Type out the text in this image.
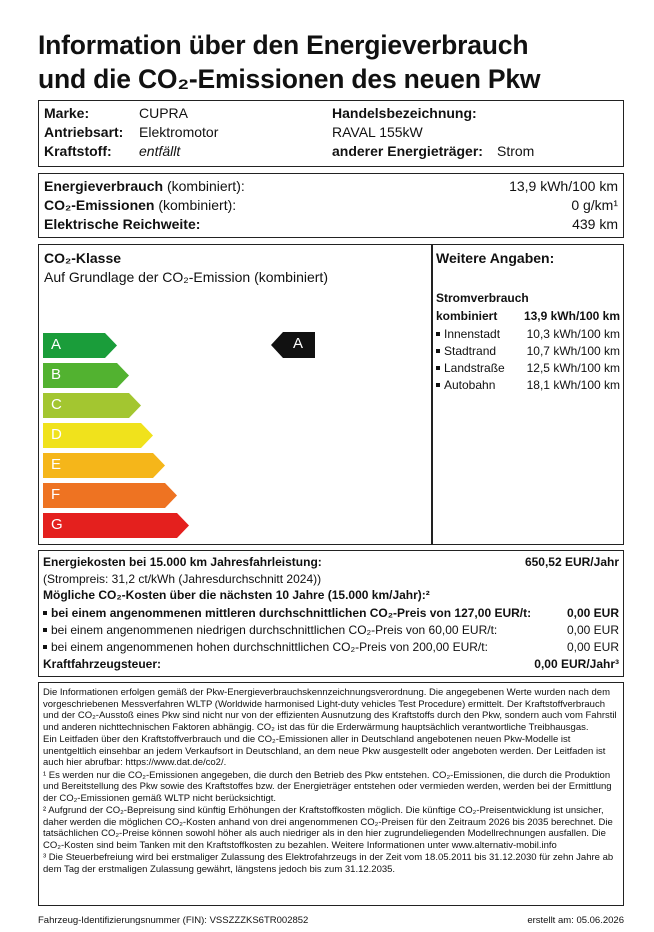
Information über den Energieverbrauch
und die CO₂-Emissionen des neuen Pkw
Marke:	CUPRA
Antriebsart: Elektromotor
Kraftstoff: entfällt
Handelsbezeichnung:
RAVAL 155kW
anderer Energieträger: Strom
Energieverbrauch (kombiniert):	13,9 kWh/100 km
CO₂-Emissionen (kombiniert):	0 g/km¹
Elektrische Reichweite:	439 km
CO₂-Klasse
Auf Grundlage der CO₂-Emission (kombiniert)
A
B
C
D
E
F
G
A
Weitere Angaben:
Stromverbrauch
kombiniert 13,9 kWh/100 km
Innenstadt 10,3 kWh/100 km
Stadtrand	10,7 kWh/100 km
Landstraße 12,5 kWh/100 km
Autobahn	18,1 kWh/100 km
Energiekosten bei 15.000 km Jahresfahrleistung:	650,52 EUR/Jahr
(Strompreis: 31,2 ct/kWh (Jahresdurchschnitt 2024))
Mögliche CO₂-Kosten über die nächsten 10 Jahre (15.000 km/Jahr):²
bei einem angenommenen mittleren durchschnittlichen CO₂-Preis von 127,00 EUR/t:	0,00 EUR
bei einem angenommenen niedrigen durchschnittlichen CO₂-Preis von 60,00 EUR/t:	0,00 EUR
bei einem angenommenen hohen durchschnittlichen CO₂-Preis von 200,00 EUR/t:	0,00 EUR
Kraftfahrzeugsteuer:	0,00 EUR/Jahr³

Die Informationen erfolgen gemäß der Pkw-Energieverbrauchskennzeichnungsverordnung. Die angegebenen Werte wurden nach dem vorgeschriebenen Messverfahren WLTP (Worldwide harmonised Light-duty vehicles Test Procedure) ermittelt. Der Kraftstoffverbrauch und der CO₂-Ausstoß eines Pkw sind nicht nur von der effizienten Ausnutzung des Kraftstoffs durch den Pkw, sondern auch vom Fahrstil und anderen nichttechnischen Faktoren abhängig. CO₂ ist das für die Erderwärmung hauptsächlich verantwortliche Treibhausgas.

Ein Leitfaden über den Kraftstoffverbrauch und die CO₂-Emissionen aller in Deutschland angebotenen neuen Pkw-Modelle ist unentgeltlich einsehbar an jedem Verkaufsort in Deutschland, an dem neue Pkw ausgestellt oder angeboten werden. Der Leitfaden ist auch hier abrufbar: https://www.dat.de/co2/.

¹ Es werden nur die CO₂-Emissionen angegeben, die durch den Betrieb des Pkw entstehen. CO₂-Emissionen, die durch die Produktion und Bereitstellung des Pkw sowie des Kraftstoffes bzw. der Energieträger entstehen oder vermieden werden, werden bei der Ermittlung der CO₂-Emissionen gemäß WLTP nicht berücksichtigt.

² Aufgrund der CO₂-Bepreisung sind künftig Erhöhungen der Kraftstoffkosten möglich. Die künftige CO₂-Preisentwicklung ist unsicher, daher werden die möglichen CO₂-Kosten anhand von drei angenommenen CO₂-Preisen für den Zeitraum 2026 bis 2035 berechnet. Die tatsächlichen CO₂-Preise können sowohl höher als auch niedriger als in den hier zugrundeliegenden Modellrechnungen ausfallen. Die CO₂-Kosten sind beim Tanken mit den Kraftstoffkosten zu bezahlen. Weitere Informationen unter www.alternativ-mobil.info

³ Die Steuerbefreiung wird bei erstmaliger Zulassung des Elektrofahrzeugs in der Zeit vom 18.05.2011 bis 31.12.2030 für zehn Jahre ab dem Tag der erstmaligen Zulassung gewährt, längstens jedoch bis zum 31.12.2035.

Fahrzeug-Identifizierungsnummer (FIN): VSSZZZKS6TR002852	erstellt am: 05.06.2026
